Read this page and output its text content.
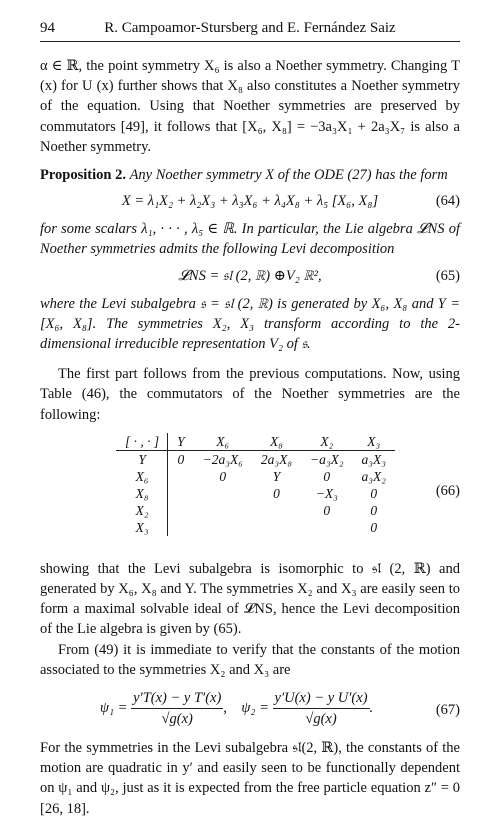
94	R. Campoamor-Stursberg and E. Fernández Saiz

α ∈ ℝ, the point symmetry X₆ is also a Noether symmetry. Changing T (x) for U (x) further shows that X₈ also constitutes a Noether symmetry of the equation. Using that Noether symmetries are preserved by commutators [49], it follows that [X₆, X₈] = −3a₃X₁ + 2a₃X₇ is also a Noether symmetry.

Proposition 2. Any Noether symmetry X of the ODE (27) has the form

X = λ₁X₂ + λ₂X₃ + λ₃X₆ + λ₄X₈ + λ₅ [X₆, X₈]	(64)

for some scalars λ₁, · · · , λ₅ ∈ ℝ. In particular, the Lie algebra 𝓛NS of Noether symmetries admits the following Levi decomposition

𝓛NS = 𝔰𝔩 (2, ℝ) ⊕V₂ ℝ²,	(65)

where the Levi subalgebra 𝔰 = 𝔰𝔩 (2, ℝ) is generated by X₆, X₈ and Y = [X₆, X₈]. The symmetries X₂, X₃ transform according to the 2-dimensional irreducible representation V₂ of 𝔰.

The first part follows from the previous computations. Now, using Table (46), the commutators of the Noether symmetries are the following:

[ · , · ]	Y	X₆	X₈	X₂	X₃
Y	0	−2a₃X₆	2a₃X₈	−a₃X₂	a₃X₃
X₆		0	Y	0	a₃X₂
X₈			0	−X₃	0
X₂				0	0
X₃					0
(66)

showing that the Levi subalgebra is isomorphic to 𝔰𝔩 (2, ℝ) and generated by X₆, X₈ and Y. The symmetries X₂ and X₃ are easily seen to form a maximal solvable ideal of 𝓛NS, hence the Levi decomposition of the Lie algebra is given by (65).

From (49) it is immediate to verify that the constants of the motion associated to the symmetries X₂ and X₃ are

$\psi_1 = \frac{\text{y′T(x) − y T′(x)}}{√g(x)}$ , $\psi_2 = \frac{\text{y′U(x) − y U′(x)}}{√g(x)}$ .	(67)

For the symmetries in the Levi subalgebra 𝔰𝔩(2, ℝ), the constants of the motion are quadratic in y′ and easily seen to be functionally dependent on ψ₁ and ψ₂, just as it is expected from the free particle equation z″ = 0 [26, 18].
